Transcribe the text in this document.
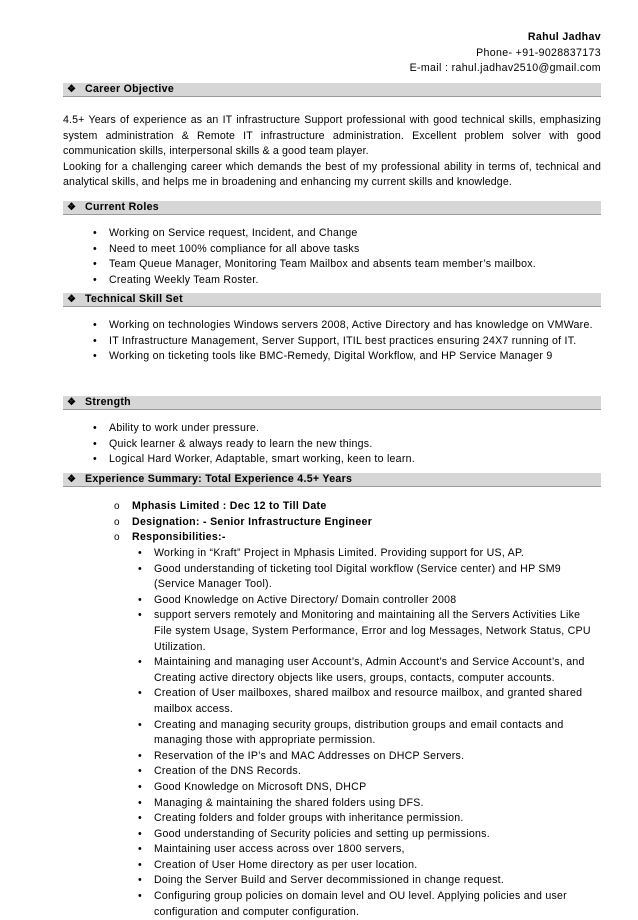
Rahul Jadhav
Phone- +91-9028837173
E-mail : rahul.jadhav2510@gmail.com
❖ Career Objective

4.5+ Years of experience as an IT infrastructure Support professional with good technical skills, emphasizing system administration & Remote IT infrastructure administration. Excellent problem solver with good communication skills, interpersonal skills & a good team player.

Looking for a challenging career which demands the best of my professional ability in terms of, technical and analytical skills, and helps me in broadening and enhancing my current skills and knowledge.

❖ Current Roles
• Working on Service request, Incident, and Change
• Need to meet 100% compliance for all above tasks
• Team Queue Manager, Monitoring Team Mailbox and absents team member’s mailbox.
• Creating Weekly Team Roster.
❖ Technical Skill Set
• Working on technologies Windows servers 2008, Active Directory and has knowledge on VMWare.
• IT Infrastructure Management, Server Support, ITIL best practices ensuring 24X7 running of IT.
• Working on ticketing tools like BMC-Remedy, Digital Workflow, and HP Service Manager 9
❖ Strength
• Ability to work under pressure.
• Quick learner & always ready to learn the new things.
• Logical Hard Worker, Adaptable, smart working, keen to learn.
❖ Experience Summary: Total Experience 4.5+ Years
o Mphasis Limited : Dec 12 to Till Date
o Designation: - Senior Infrastructure Engineer
o Responsibilities:-
• Working in “Kraft” Project in Mphasis Limited. Providing support for US, AP.
• Good understanding of ticketing tool Digital workflow (Service center) and HP SM9 (Service Manager Tool).
• Good Knowledge on Active Directory/ Domain controller 2008
• support servers remotely and Monitoring and maintaining all the Servers Activities Like File system Usage, System Performance, Error and log Messages, Network Status, CPU Utilization.
• Maintaining and managing user Account’s, Admin Account’s and Service Account’s, and Creating active directory objects like users, groups, contacts, computer accounts.
• Creation of User mailboxes, shared mailbox and resource mailbox, and granted shared mailbox access.
• Creating and managing security groups, distribution groups and email contacts and managing those with appropriate permission.
• Reservation of the IP’s and MAC Addresses on DHCP Servers.
• Creation of the DNS Records.
• Good Knowledge on Microsoft DNS, DHCP
• Managing & maintaining the shared folders using DFS.
• Creating folders and folder groups with inheritance permission.
• Good understanding of Security policies and setting up permissions.
• Maintaining user access across over 1800 servers,
• Creation of User Home directory as per user location.
• Doing the Server Build and Server decommissioned in change request.
• Configuring group policies on domain level and OU level. Applying policies and user configuration and computer configuration.
